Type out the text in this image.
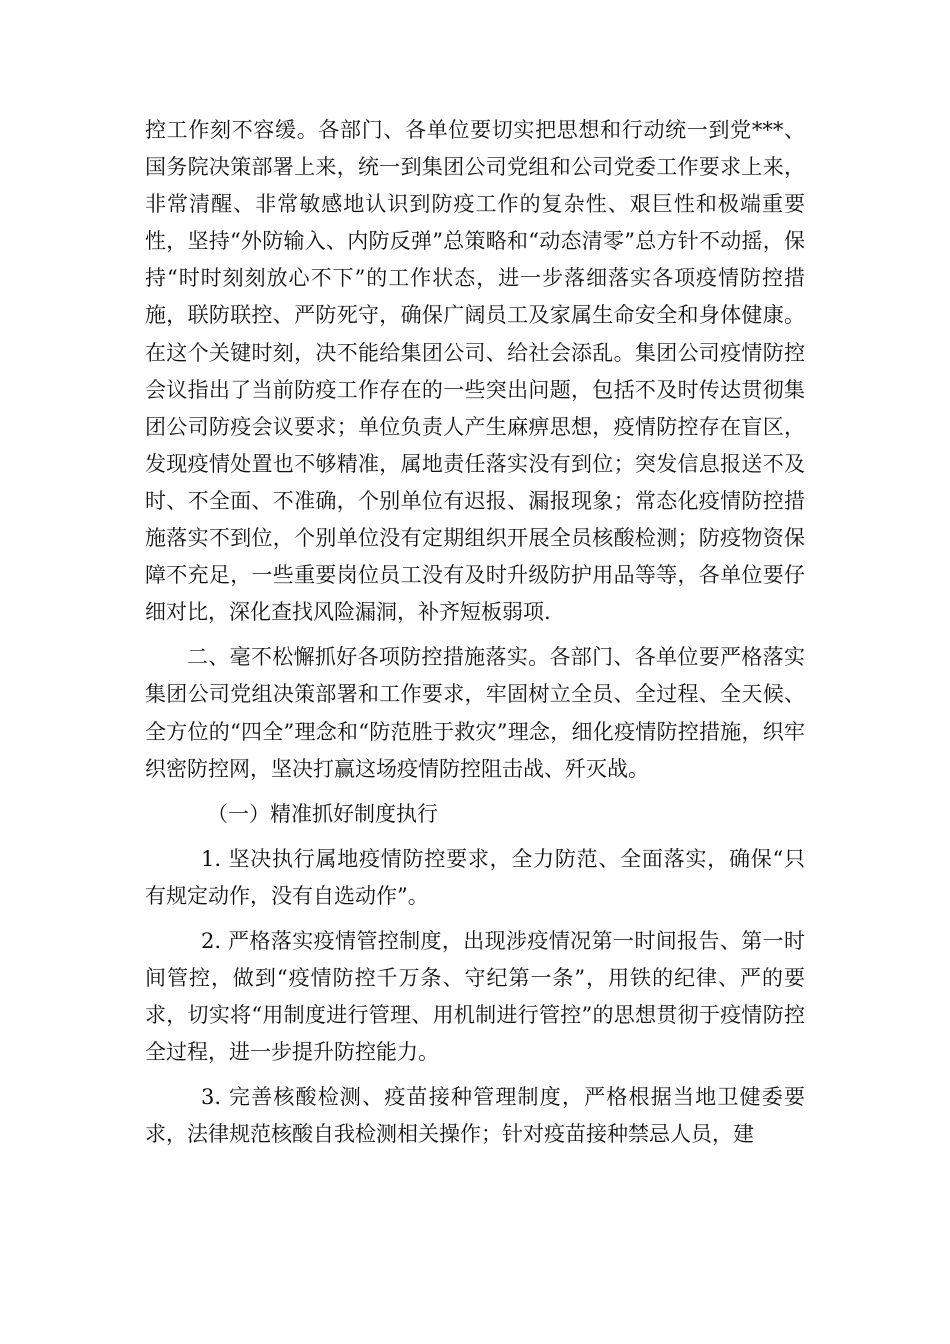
控工作刻不容缓。各部门、各单位要切实把思想和行动统一到党***、国务院决策部署上来，统一到集团公司党组和公司党委工作要求上来，非常清醒、非常敏感地认识到防疫工作的复杂性、艰巨性和极端重要性，坚持“外防输入、内防反弹”总策略和“动态清零”总方针不动摇，保持“时时刻刻放心不下”的工作状态，进一步落细落实各项疫情防控措施，联防联控、严防死守，确保广阔员工及家属生命安全和身体健康。在这个关键时刻，决不能给集团公司、给社会添乱。集团公司疫情防控会议指出了当前防疫工作存在的一些突出问题，包括不及时传达贯彻集团公司防疫会议要求；单位负责人产生麻痹思想，疫情防控存在盲区，发现疫情处置也不够精准，属地责任落实没有到位；突发信息报送不及时、不全面、不准确，个别单位有迟报、漏报现象；常态化疫情防控措施落实不到位，个别单位没有定期组织开展全员核酸检测；防疫物资保障不充足，一些重要岗位员工没有及时升级防护用品等等，各单位要仔细对比，深化查找风险漏洞，补齐短板弱项.

二、毫不松懈抓好各项防控措施落实。各部门、各单位要严格落实集团公司党组决策部署和工作要求，牢固树立全员、全过程、全天候、全方位的“四全”理念和“防范胜于救灾”理念，细化疫情防控措施，织牢织密防控网，坚决打赢这场疫情防控阻击战、歼灭战。

（一）精准抓好制度执行

1. 坚决执行属地疫情防控要求，全力防范、全面落实，确保“只有规定动作，没有自选动作”。

2. 严格落实疫情管控制度，出现涉疫情况第一时间报告、第一时间管控，做到“疫情防控千万条、守纪第一条”，用铁的纪律、严的要求，切实将“用制度进行管理、用机制进行管控”的思想贯彻于疫情防控全过程，进一步提升防控能力。

3. 完善核酸检测、疫苗接种管理制度，严格根据当地卫健委要求，法律规范核酸自我检测相关操作；针对疫苗接种禁忌人员，建
